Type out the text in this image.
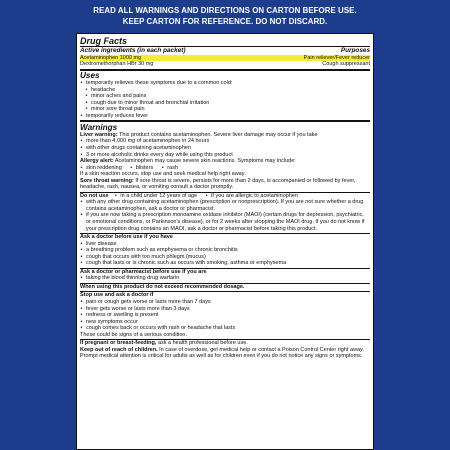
READ ALL WARNINGS AND DIRECTIONS ON CARTON BEFORE USE.
KEEP CARTON FOR REFERENCE. DO NOT DISCARD.
Drug Facts
Active ingredients (in each packet)	Purposes
Acetaminophen 1000 mg	Pain reliever/Fever reducer
Dextromethorphan HBr 30 mg	Cough suppressant
Uses
• temporarily relieves these symptoms due to a common cold:
• headache
• minor aches and pains
• cough due to minor throat and bronchial irritation
• minor sore throat pain
• temporarily reduces fever
Warnings
Liver warning: This product contains acetaminophen. Severe liver damage may occur if you take
• more than 4,000 mg of acetaminophen in 24 hours
• with other drugs containing acetaminophen
• 3 or more alcoholic drinks every day while using this product
Allergy alert: Acetaminophen may cause severe skin reactions. Symptoms may include:
• skin reddening	• blisters	• rash
If a skin reaction occurs, stop use and seek medical help right away.
Sore throat warning: If sore throat is severe, persists for more than 2 days, is accompanied or followed by fever, headache, rash, nausea, or vomiting consult a doctor promptly.
Do not use	• in a child under 12 years of age	• if you are allergic to acetaminophen
• with any other drug containing acetaminophen (prescription or nonprescription). If you are not sure whether a drug contains acetaminophen, ask a doctor or pharmacist.
• if you are now taking a prescription monoamine oxidase inhibitor (MAOI) (certain drugs for depression, psychiatric, or emotional conditions, or Parkinson's disease), or for 2 weeks after stopping the MAOI drug. If you do not know if your prescription drug contains an MAOI, ask a doctor or pharmacist before taking this product.
Ask a doctor before use if you have
• liver disease
• a breathing problem such as emphysema or chronic bronchitis
• cough that occurs with too much phlegm (mucus)
• cough that lasts or is chronic such as occurs with smoking, asthma or emphysema
Ask a doctor or pharmacist before use if you are
• taking the blood thinning drug warfarin
When using this product do not exceed recommended dosage.
Stop use and ask a doctor if
• pain or cough gets worse or lasts more than 7 days
• fever gets worse or lasts more than 3 days
• redness or swelling is present
• new symptoms occur
• cough comes back or occurs with rash or headache that lasts
These could be signs of a serious condition.
If pregnant or breast-feeding, ask a health professional before use.
Keep out of reach of children. In case of overdose, get medical help or contact a Poison Control Center right away. Prompt medical attention is critical for adults as well as for children even if you do not notice any signs or symptoms.
